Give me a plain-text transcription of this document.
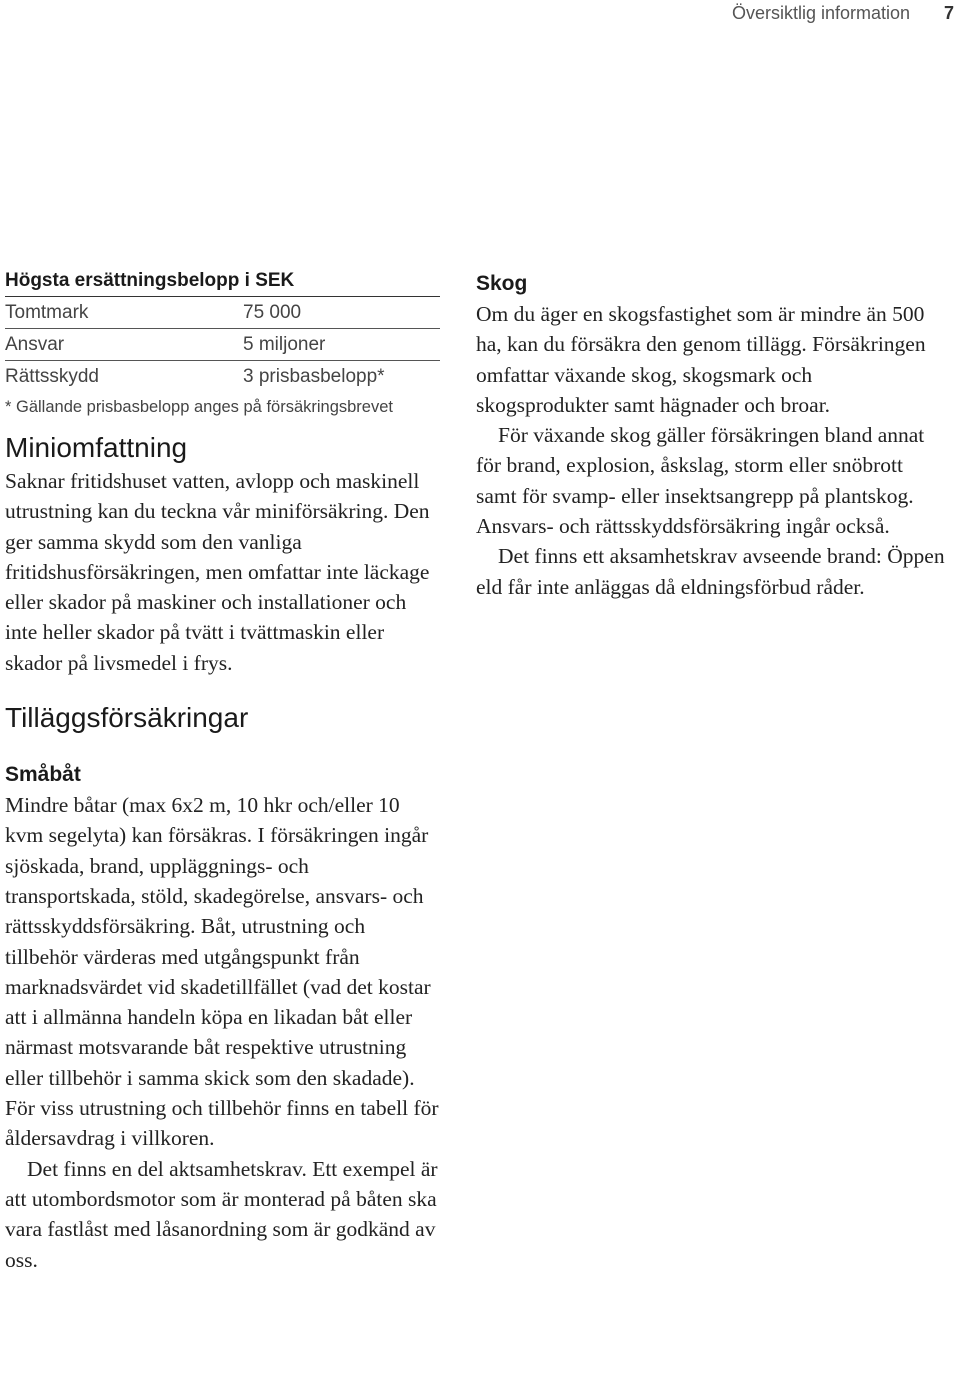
Översiktlig information 7
Högsta ersättningsbelopp i SEK
Tomtmark	75 000
Ansvar	5 miljoner
Rättsskydd	3 prisbasbelopp*

* Gällande prisbasbelopp anges på försäkringsbrevet

Miniomfattning

Saknar fritidshuset vatten, avlopp och maskinell utrustning kan du teckna vår miniförsäkring. Den ger samma skydd som den vanliga fritidshusförsäkringen, men omfattar inte läckage eller skador på maskiner och installationer och inte heller skador på tvätt i tvättmaskin eller skador på livsmedel i frys.

Tilläggsförsäkringar
Småbåt

Mindre båtar (max 6x2 m, 10 hkr och/eller 10 kvm segelyta) kan försäkras. I försäkringen ingår sjöskada, brand, uppläggnings- och transportskada, stöld, skadegörelse, ansvars- och rättsskyddsförsäkring. Båt, utrustning och tillbehör värderas med utgångspunkt från marknadsvärdet vid skadetillfället (vad det kostar att i allmänna handeln köpa en likadan båt eller närmast motsvarande båt respektive utrustning eller tillbehör i samma skick som den skadade). För viss utrustning och tillbehör finns en tabell för åldersavdrag i villkoren.

Det finns en del aktsamhetskrav. Ett exempel är att utombordsmotor som är monterad på båten ska vara fastlåst med låsanordning som är godkänd av oss.

Skog

Om du äger en skogsfastighet som är mindre än 500 ha, kan du försäkra den genom tillägg. Försäkringen omfattar växande skog, skogsmark och skogsprodukter samt hägnader och broar.

För växande skog gäller försäkringen bland annat för brand, explosion, åskslag, storm eller snöbrott samt för svamp- eller insektsangrepp på plantskog. Ansvars- och rättsskyddsförsäkring ingår också.

Det finns ett aksamhetskrav avseende brand: Öppen eld får inte anläggas då eldningsförbud råder.
